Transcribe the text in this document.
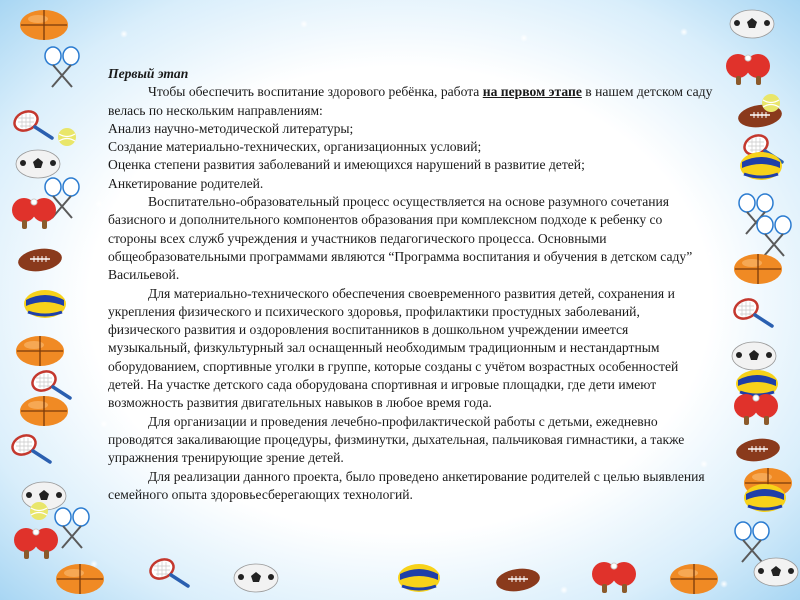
Первый этап

Чтобы обеспечить воспитание здорового ребёнка, работа на первом этапе в нашем детском саду велась по нескольким направлениям:

Анализ научно-методической литературы;

Создание материально-технических, организационных условий;

Оценка степени развития заболеваний и имеющихся нарушений в развитие детей;

Анкетирование родителей.

Воспитательно-образовательный процесс осуществляется на основе разумного сочетания базисного и дополнительного компонентов образования при комплексном подходе к ребенку со стороны всех служб учреждения и участников педагогического процесса. Основными общеобразовательными программами являются “Программа воспитания и обучения в детском саду” Васильевой.

Для материально-технического обеспечения своевременного развития детей, сохранения и укрепления физического и психического здоровья, профилактики простудных заболеваний, физического развития и оздоровления воспитанников в дошкольном учреждении имеется музыкальный, физкультурный зал оснащенный необходимым традиционным и нестандартным оборудованием, спортивные уголки в группе, которые созданы с учётом возрастных особенностей детей. На участке детского сада оборудована спортивная и игровые площадки, где дети имеют возможность развития двигательных навыков в любое время года.

Для организации и проведения лечебно-профилактической работы с детьми, ежедневно проводятся закаливающие процедуры, физминутки, дыхательная, пальчиковая гимнастики, а также упражнения тренирующие зрение детей.

Для реализации данного проекта, было проведено анкетирование родителей с целью выявления семейного опыта здоровьесберегающих технологий.
